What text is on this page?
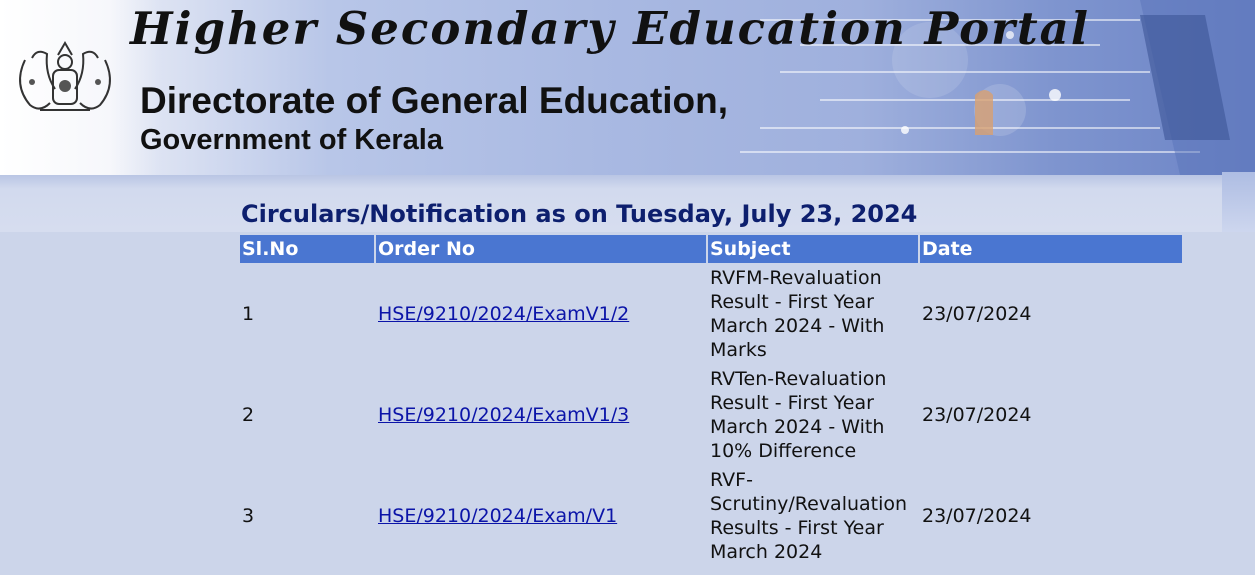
Higher Secondary Education Portal
Directorate of General Education,
Government of Kerala
Circulars/Notification as on Tuesday, July 23, 2024
Sl.No	Order No	Subject	Date
1	HSE/9210/2024/ExamV1/2	RVFM-Revaluation Result - First Year March 2024 - With Marks	23/07/2024
2	HSE/9210/2024/ExamV1/3	RVTen-Revaluation Result - First Year March 2024 - With 10% Difference	23/07/2024
3	HSE/9210/2024/Exam/V1	RVF-Scrutiny/Revaluation Results - First Year March 2024	23/07/2024
